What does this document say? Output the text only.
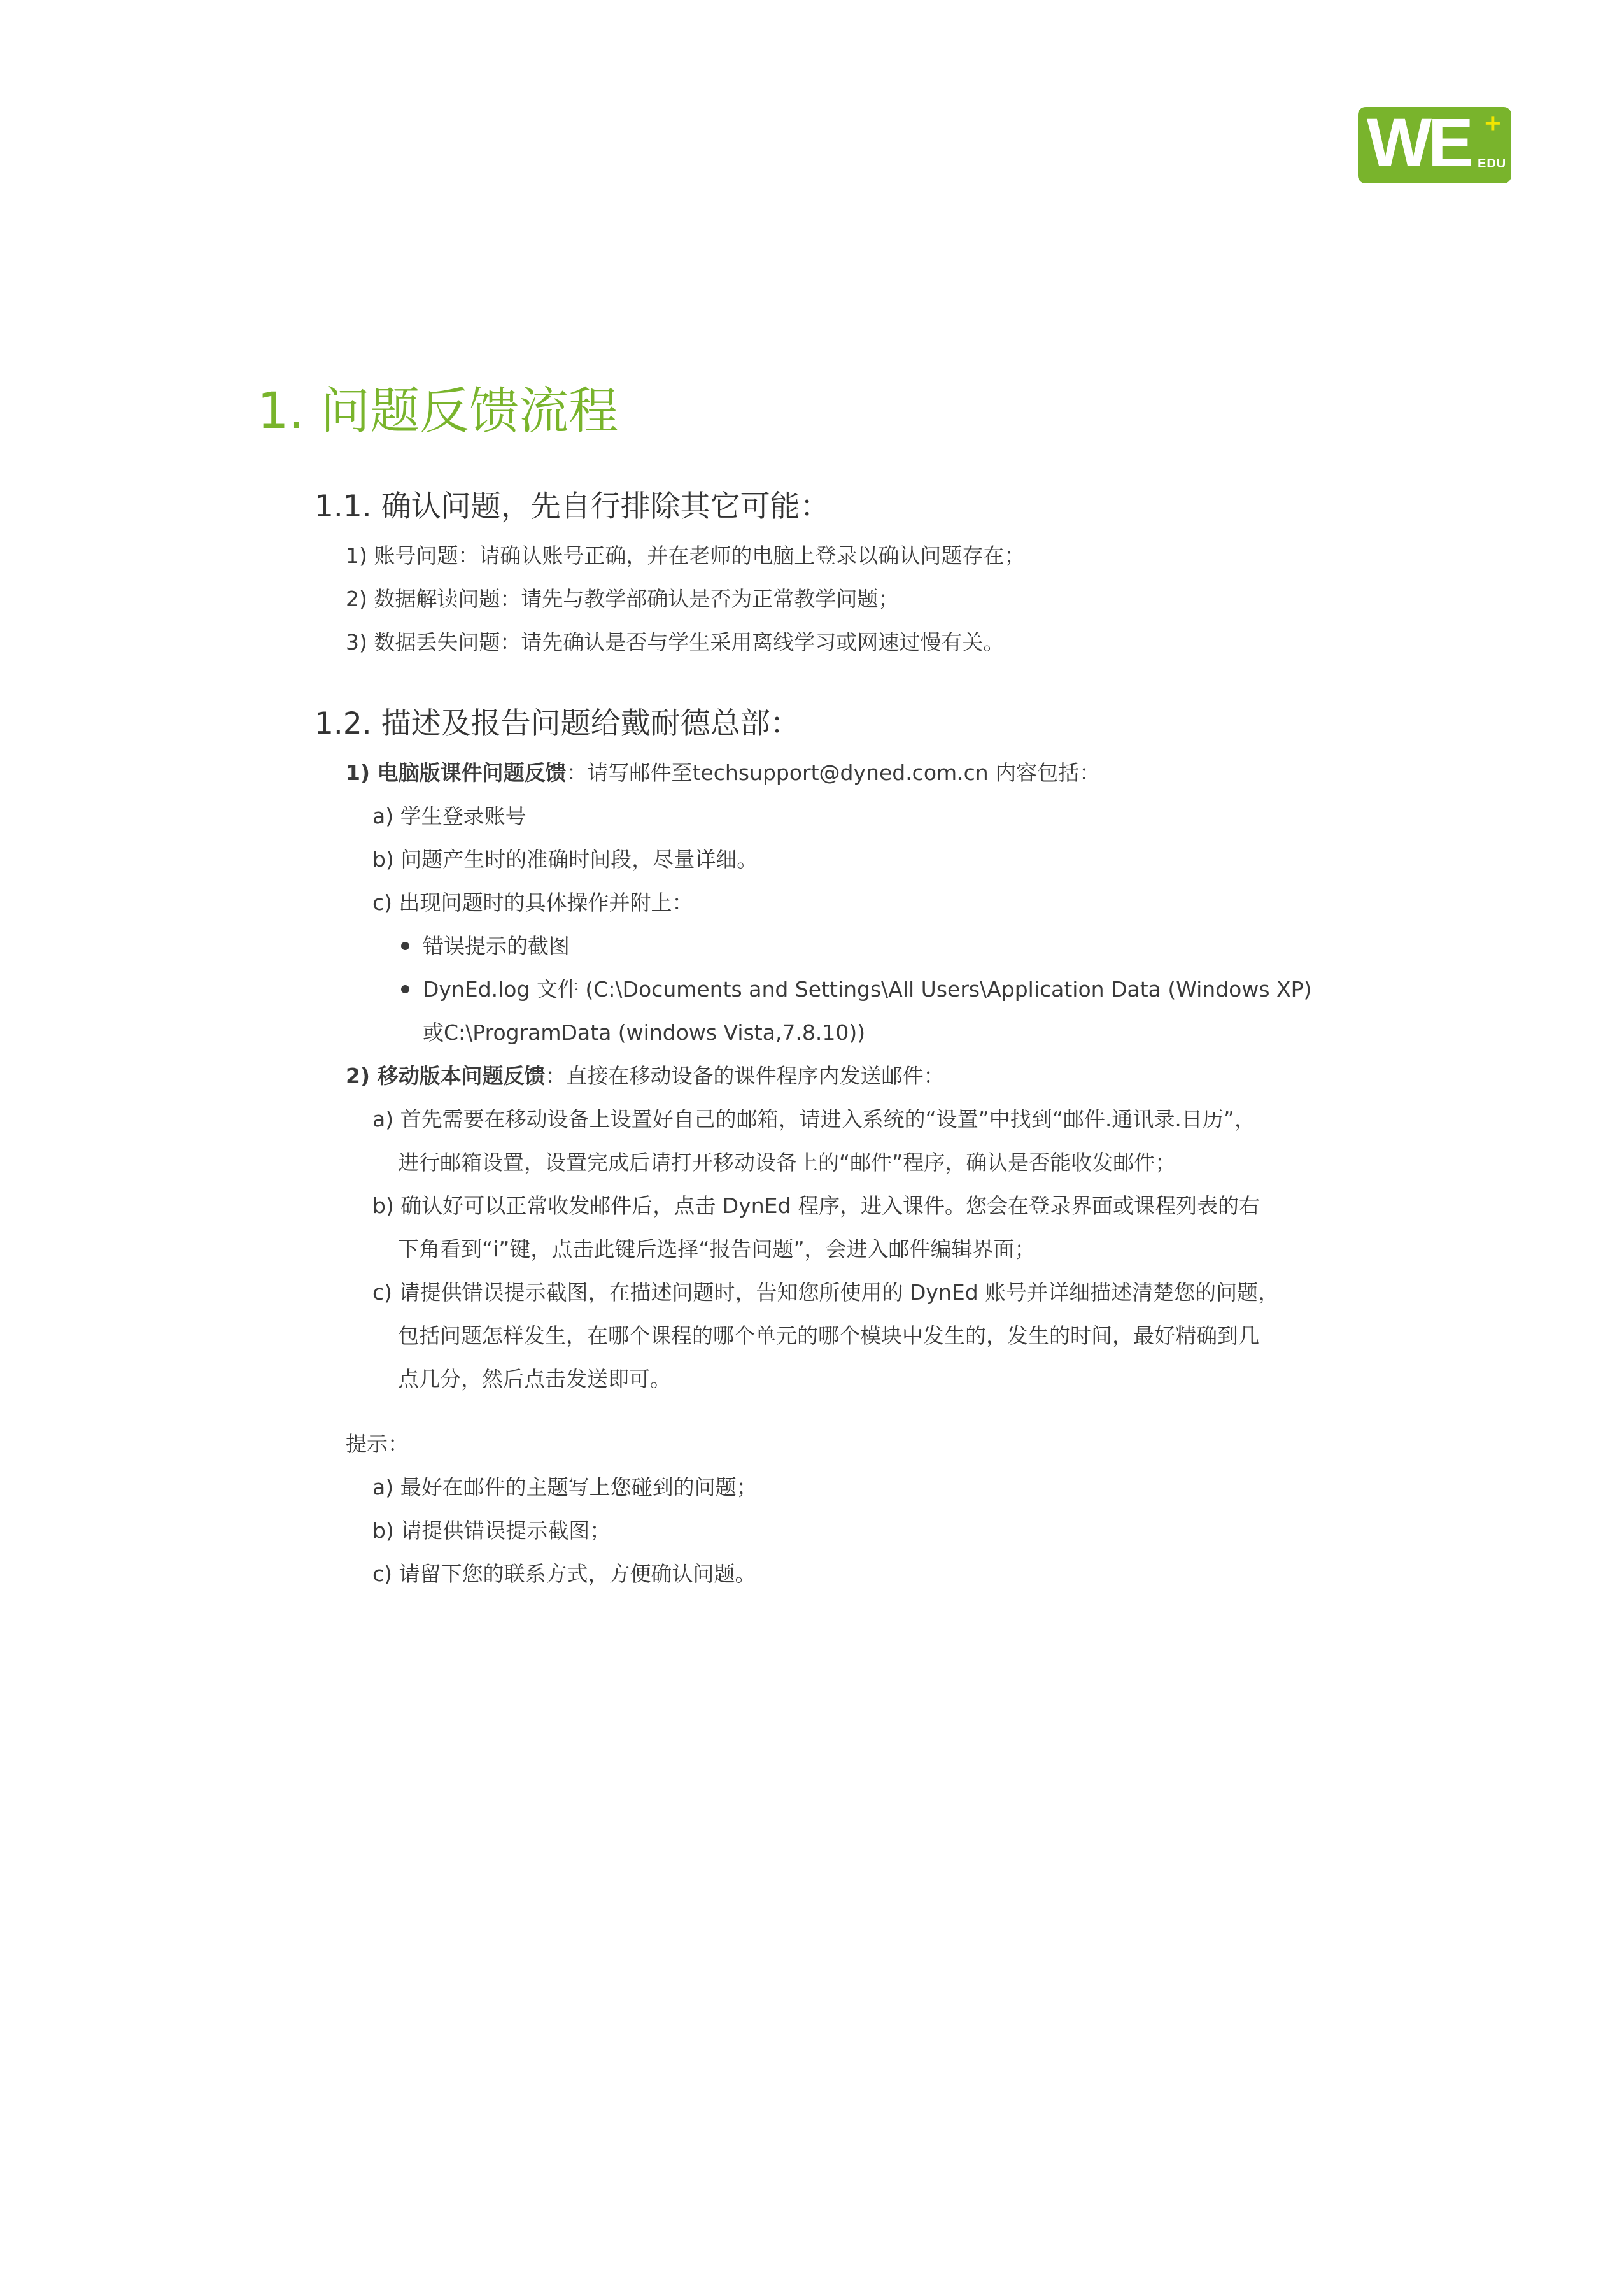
WE +
EDU
1. 问题反馈流程
1.1. 确认问题，先自行排除其它可能：
1) 账号问题：请确认账号正确，并在老师的电脑上登录以确认问题存在；
2) 数据解读问题：请先与教学部确认是否为正常教学问题；
3) 数据丢失问题：请先确认是否与学生采用离线学习或网速过慢有关。
1.2. 描述及报告问题给戴耐德总部：
1) 电脑版课件问题反馈：请写邮件至techsupport@dyned.com.cn 内容包括：
a) 学生登录账号
b) 问题产生时的准确时间段，尽量详细。
c) 出现问题时的具体操作并附上：
错误提示的截图
DynEd.log 文件 (C:\Documents and Settings\All Users\Application Data (Windows XP)
或C:\ProgramData (windows Vista,7.8.10))
2) 移动版本问题反馈：直接在移动设备的课件程序内发送邮件：
a) 首先需要在移动设备上设置好自己的邮箱，请进入系统的“设置”中找到“邮件.通讯录.日历”，
进行邮箱设置，设置完成后请打开移动设备上的“邮件”程序，确认是否能收发邮件；
b) 确认好可以正常收发邮件后，点击 DynEd 程序，进入课件。您会在登录界面或课程列表的右
下角看到“i”键，点击此键后选择“报告问题”，会进入邮件编辑界面；
c) 请提供错误提示截图，在描述问题时，告知您所使用的 DynEd 账号并详细描述清楚您的问题，
包括问题怎样发生，在哪个课程的哪个单元的哪个模块中发生的，发生的时间，最好精确到几
点几分，然后点击发送即可。
提示：
a) 最好在邮件的主题写上您碰到的问题；
b) 请提供错误提示截图；
c) 请留下您的联系方式，方便确认问题。
